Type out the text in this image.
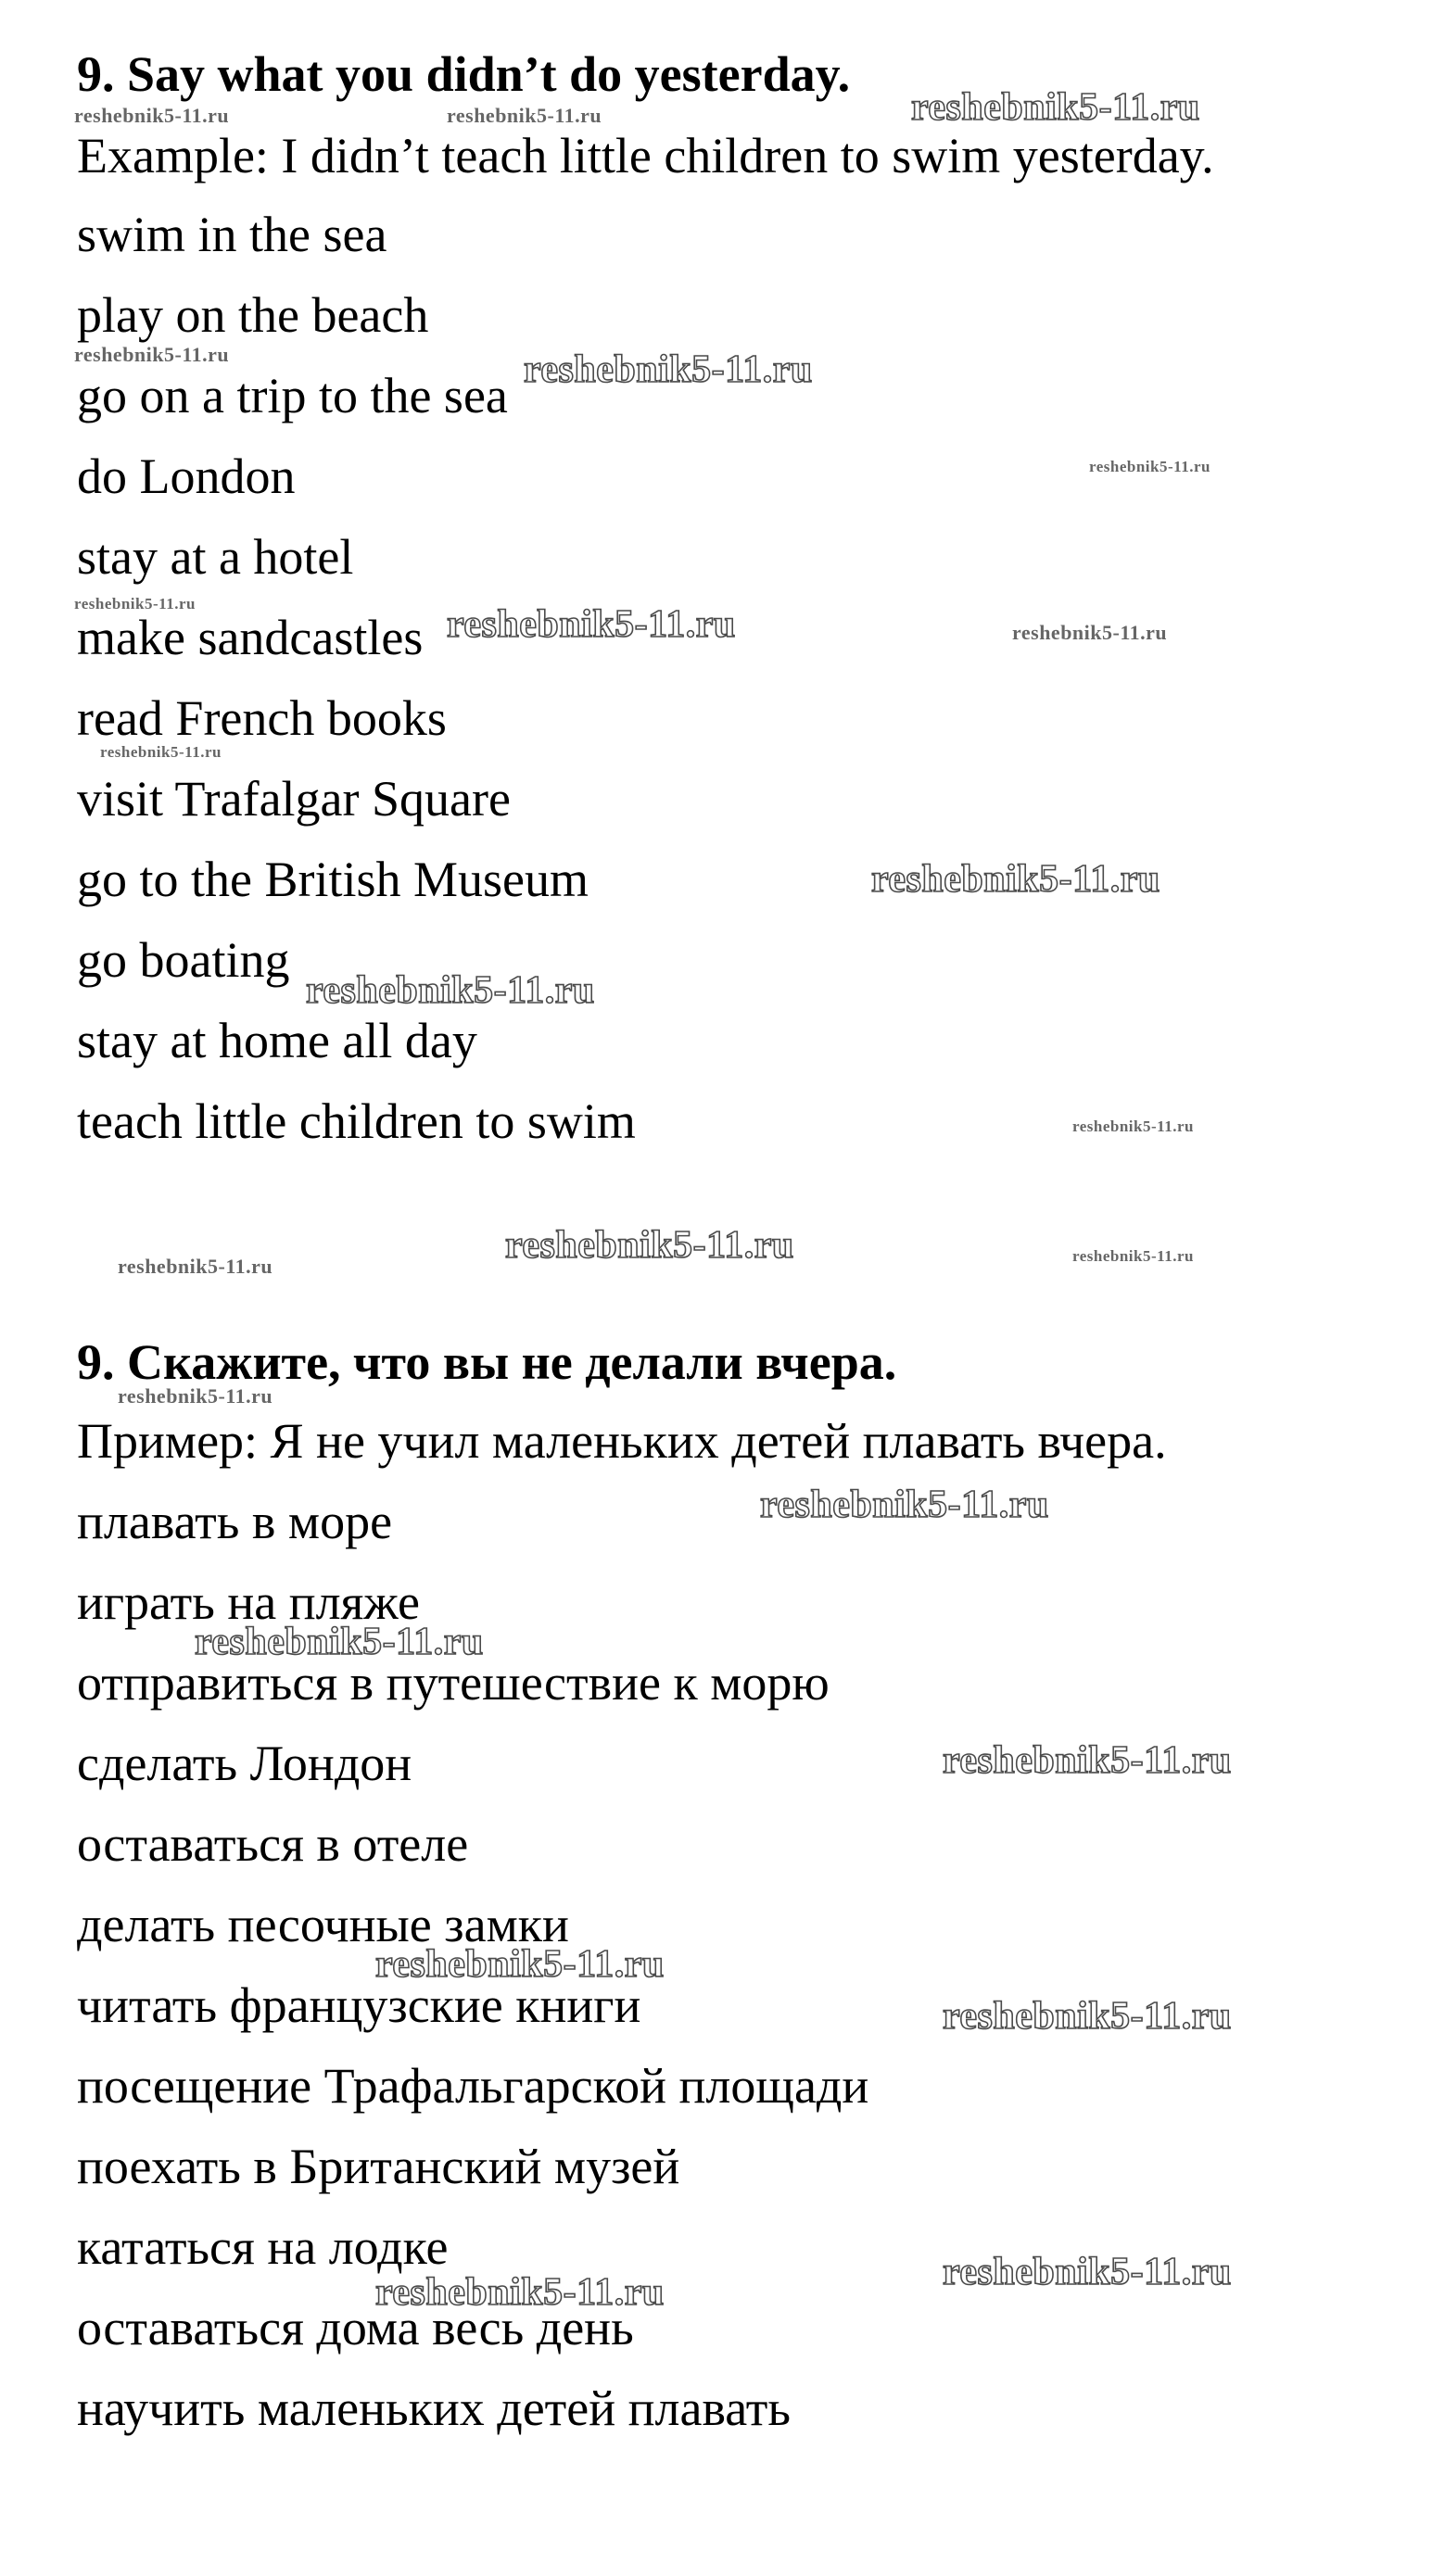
9. Say what you didn’t do yesterday.
Example: I didn’t teach little children to swim yesterday.
swim in the sea
play on the beach
go on a trip to the sea
do London
stay at a hotel
make sandcastles
read French books
visit Trafalgar Square
go to the British Museum
go boating
stay at home all day
teach little children to swim
9. Скажите, что вы не делали вчера.
Пример: Я не учил маленьких детей плавать вчера.
плавать в море
играть на пляже
отправиться в путешествие к морю
сделать Лондон
оставаться в отеле
делать песочные замки
читать французские книги
посещение Трафальгарской площади
поехать в Британский музей
кататься на лодке
оставаться дома весь день
научить маленьких детей плавать
reshebnik5-11.ru	reshebnik5-11.ru	reshebnik5-11.ru
reshebnik5-11.ru	reshebnik5-11.ru
reshebnik5-11.ru
reshebnik5-11.ru	reshebnik5-11.ru	reshebnik5-11.ru
reshebnik5-11.ru
reshebnik5-11.ru
reshebnik5-11.ru
reshebnik5-11.ru
reshebnik5-11.ru	reshebnik5-11.ru	reshebnik5-11.ru
reshebnik5-11.ru
reshebnik5-11.ru
reshebnik5-11.ru
reshebnik5-11.ru
reshebnik5-11.ru
reshebnik5-11.ru
reshebnik5-11.ru	reshebnik5-11.ru
